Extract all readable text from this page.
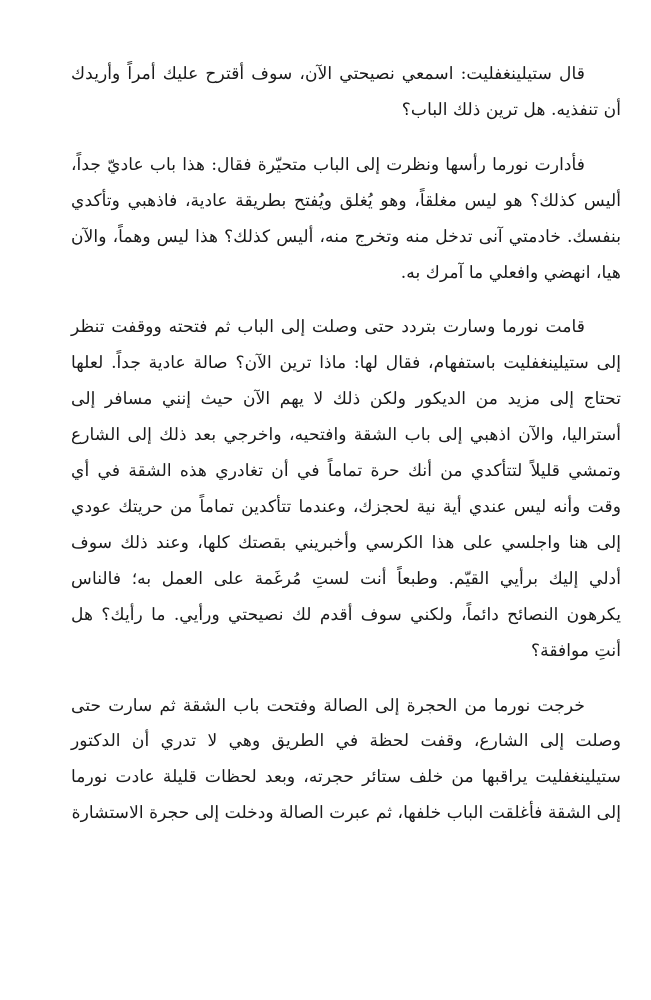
قال ستيلينغفليت: اسمعي نصيحتي الآن، سوف أقترح عليك أمراً وأريدك أن تنفذيه. هل ترين ذلك الباب؟

فأدارت نورما رأسها ونظرت إلى الباب متحيّرة فقال: هذا باب عاديّ جداً، أليس كذلك؟ هو ليس مغلقاً، وهو يُغلق ويُفتح بطريقة عادية، فاذهبي وتأكدي بنفسك. خادمتي آنى تدخل منه وتخرج منه، أليس كذلك؟ هذا ليس وهماً، والآن هيا، انهضي وافعلي ما آمرك به.

قامت نورما وسارت بتردد حتى وصلت إلى الباب ثم فتحته ووقفت تنظر إلى ستيلينغفليت باستفهام، فقال لها: ماذا ترين الآن؟ صالة عادية جداً. لعلها تحتاج إلى مزيد من الديكور ولكن ذلك لا يهم الآن حيث إنني مسافر إلى أستراليا، والآن اذهبي إلى باب الشقة وافتحيه، واخرجي بعد ذلك إلى الشارع وتمشي قليلاً لتتأكدي من أنك حرة تماماً في أن تغادري هذه الشقة في أي وقت وأنه ليس عندي أية نية لحجزك، وعندما تتأكدين تماماً من حريتك عودي إلى هنا واجلسي على هذا الكرسي وأخبريني بقصتك كلها، وعند ذلك سوف أدلي إليك برأيي القيّم. وطبعاً أنت لستِ مُرغَمة على العمل به؛ فالناس يكرهون النصائح دائماً، ولكني سوف أقدم لك نصيحتي ورأيي. ما رأيك؟ هل أنتِ موافقة؟

خرجت نورما من الحجرة إلى الصالة وفتحت باب الشقة ثم سارت حتى وصلت إلى الشارع، وقفت لحظة في الطريق وهي لا تدري أن الدكتور ستيلينغفليت يراقبها من خلف ستائر حجرته، وبعد لحظات قليلة عادت نورما إلى الشقة فأغلقت الباب خلفها، ثم عبرت الصالة ودخلت إلى حجرة الاستشارة
